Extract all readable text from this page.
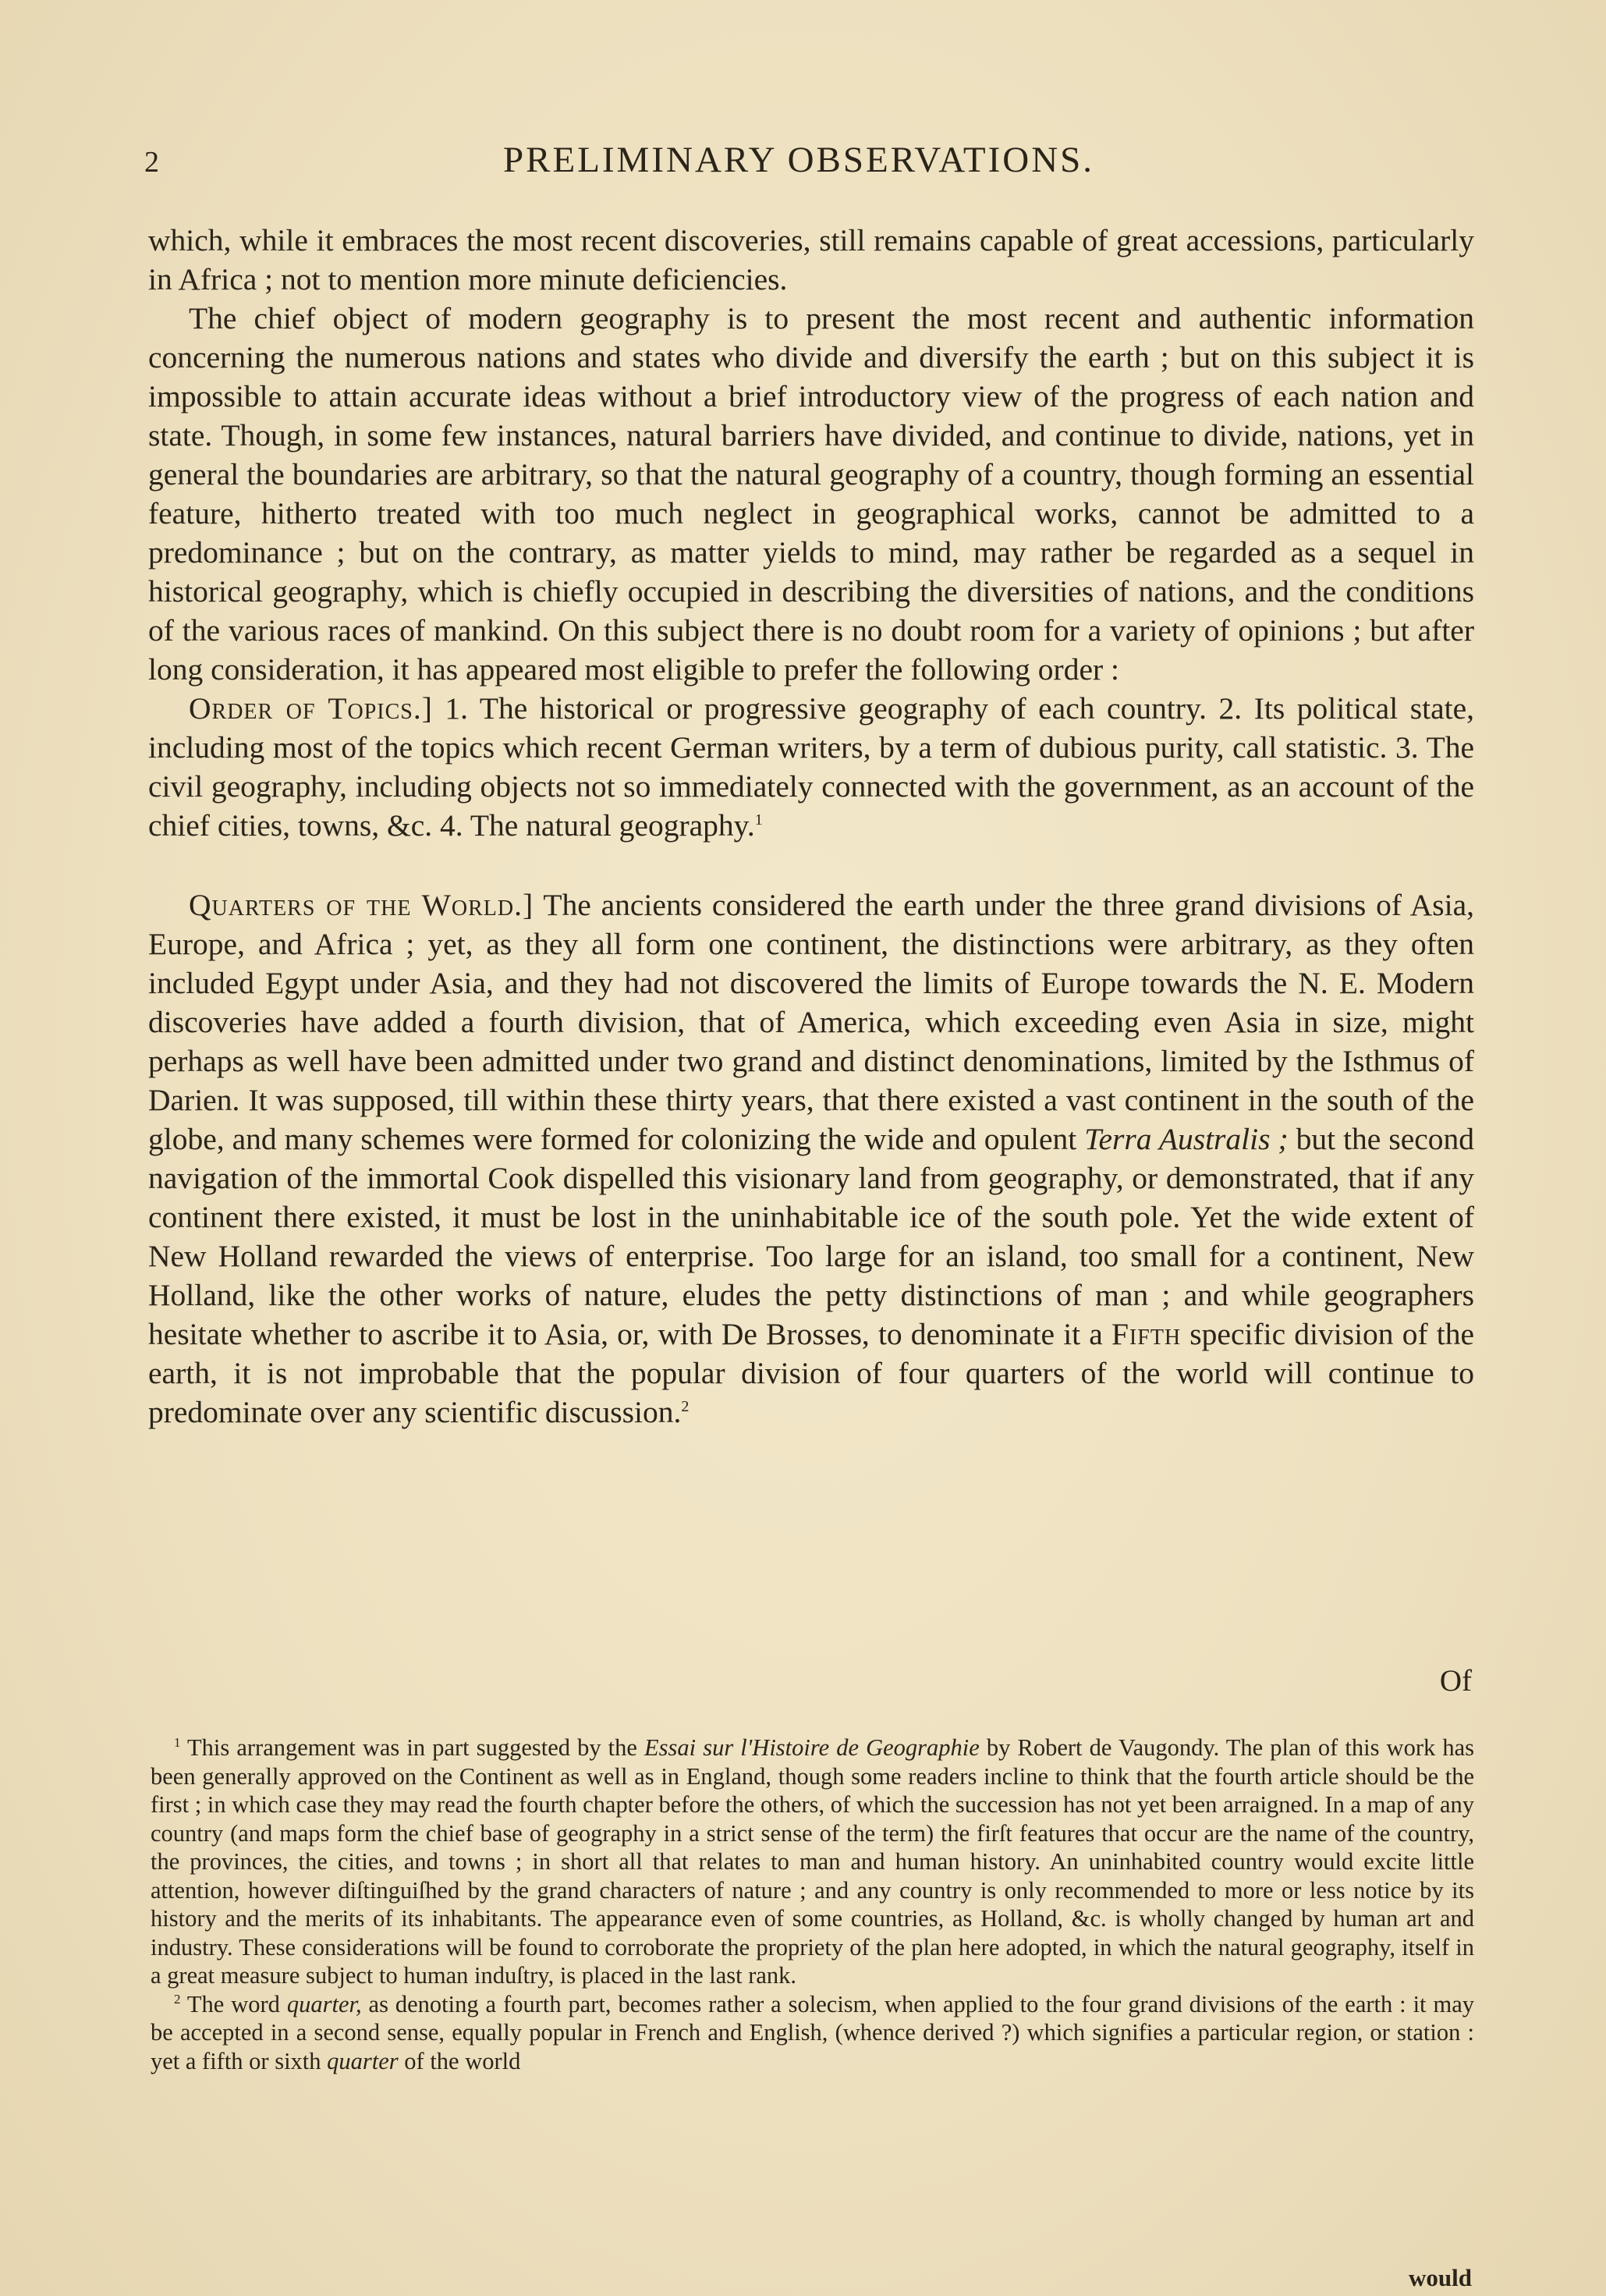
2	PRELIMINARY OBSERVATIONS.

which, while it embraces the most recent discoveries, still remains capable of great accessions, particularly in Africa ; not to mention more minute deficiencies.

The chief object of modern geography is to present the most recent and authentic information concerning the numerous nations and states who divide and diversify the earth ; but on this subject it is impossible to attain accurate ideas without a brief introductory view of the progress of each nation and state. Though, in some few instances, natural barriers have divided, and continue to divide, nations, yet in general the boundaries are arbitrary, so that the natural geography of a country, though forming an essential feature, hitherto treated with too much neglect in geographical works, cannot be admitted to a predominance ; but on the contrary, as matter yields to mind, may rather be regarded as a sequel in historical geography, which is chiefly occupied in describing the diversities of nations, and the conditions of the various races of mankind. On this subject there is no doubt room for a variety of opinions ; but after long consideration, it has appeared most eligible to prefer the following order :

Order of Topics.] 1. The historical or progressive geography of each country. 2. Its political state, including most of the topics which recent German writers, by a term of dubious purity, call statistic. 3. The civil geography, including objects not so immediately connected with the government, as an account of the chief cities, towns, &c. 4. The natural geography.$^1$

Quarters of the World.] The ancients considered the earth under the three grand divisions of Asia, Europe, and Africa ; yet, as they all form one continent, the distinctions were arbitrary, as they often included Egypt under Asia, and they had not discovered the limits of Europe towards the N. E. Modern discoveries have added a fourth division, that of America, which exceeding even Asia in size, might perhaps as well have been admitted under two grand and distinct denominations, limited by the Isthmus of Darien. It was supposed, till within these thirty years, that there existed a vast continent in the south of the globe, and many schemes were formed for colonizing the wide and opulent Terra Australis ; but the second navigation of the immortal Cook dispelled this visionary land from geography, or demonstrated, that if any continent there existed, it must be lost in the uninhabitable ice of the south pole. Yet the wide extent of New Holland rewarded the views of enterprise. Too large for an island, too small for a continent, New Holland, like the other works of nature, eludes the petty distinctions of man ; and while geographers hesitate whether to ascribe it to Asia, or, with De Brosses, to denominate it a Fifth specific division of the earth, it is not improbable that the popular division of four quarters of the world will continue to predominate over any scientific discussion.$^2$

Of

$^1$ This arrangement was in part suggested by the Essai sur l'Histoire de Geographie by Robert de Vaugondy. The plan of this work has been generally approved on the Continent as well as in England, though some readers incline to think that the fourth article should be the first ; in which case they may read the fourth chapter before the others, of which the succession has not yet been arraigned. In a map of any country (and maps form the chief base of geography in a strict sense of the term) the firſt features that occur are the name of the country, the provinces, the cities, and towns ; in short all that relates to man and human history. An uninhabited country would excite little attention, however diſtinguiſhed by the grand characters of nature ; and any country is only recommended to more or less notice by its history and the merits of its inhabitants. The appearance even of some countries, as Holland, &c. is wholly changed by human art and industry. These considerations will be found to corroborate the propriety of the plan here adopted, in which the natural geography, itself in a great measure subject to human induſtry, is placed in the last rank.

$^2$ The word quarter, as denoting a fourth part, becomes rather a solecism, when applied to the four grand divisions of the earth : it may be accepted in a second sense, equally popular in French and English, (whence derived ?) which signifies a particular region, or station : yet a fifth or sixth quarter of the world

would
